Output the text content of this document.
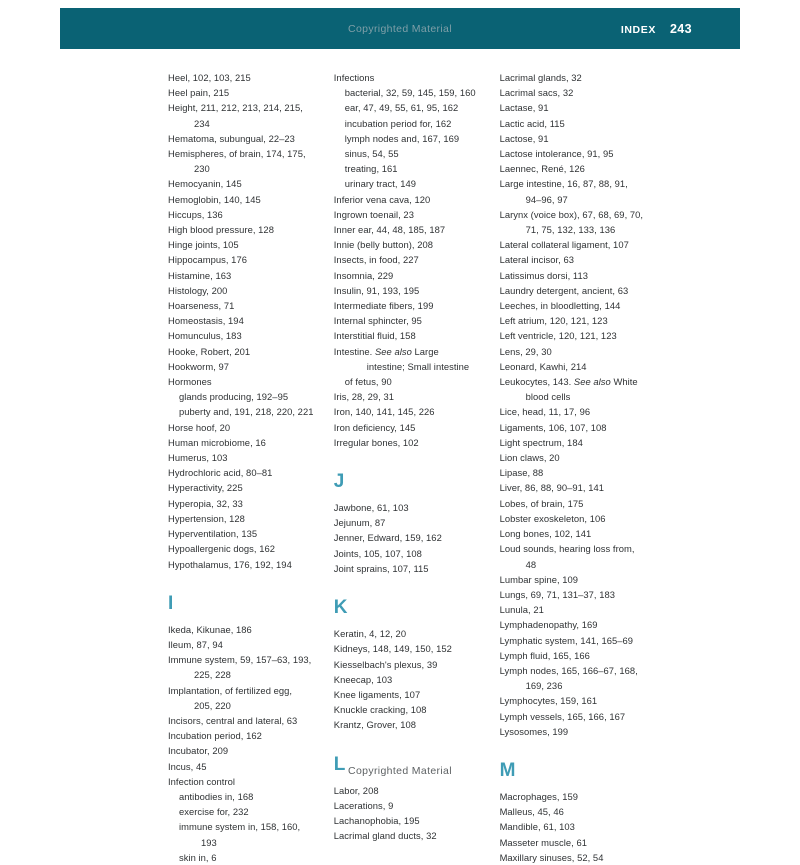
Copyrighted Material	INDEX 243
Heel, 102, 103, 215
Heel pain, 215
Height, 211, 212, 213, 214, 215,
234
Hematoma, subungual, 22–23
Hemispheres, of brain, 174, 175,
230
Hemocyanin, 145
Hemoglobin, 140, 145
Hiccups, 136
High blood pressure, 128
Hinge joints, 105
Hippocampus, 176
Histamine, 163
Histology, 200
Hoarseness, 71
Homeostasis, 194
Homunculus, 183
Hooke, Robert, 201
Hookworm, 97
Hormones
glands producing, 192–95
puberty and, 191, 218, 220, 221
Horse hoof, 20
Human microbiome, 16
Humerus, 103
Hydrochloric acid, 80–81
Hyperactivity, 225
Hyperopia, 32, 33
Hypertension, 128
Hyperventilation, 135
Hypoallergenic dogs, 162
Hypothalamus, 176, 192, 194
I
Ikeda, Kikunae, 186
Ileum, 87, 94
Immune system, 59, 157–63, 193,
225, 228
Implantation, of fertilized egg,
205, 220
Incisors, central and lateral, 63
Incubation period, 162
Incubator, 209
Incus, 45
Infection control
antibodies in, 168
exercise for, 232
immune system in, 158, 160,
193
skin in, 6
Infections
bacterial, 32, 59, 145, 159, 160
ear, 47, 49, 55, 61, 95, 162
incubation period for, 162
lymph nodes and, 167, 169
sinus, 54, 55
treating, 161
urinary tract, 149
Inferior vena cava, 120
Ingrown toenail, 23
Inner ear, 44, 48, 185, 187
Innie (belly button), 208
Insects, in food, 227
Insomnia, 229
Insulin, 91, 193, 195
Intermediate fibers, 199
Internal sphincter, 95
Interstitial fluid, 158
Intestine. See also Large
intestine; Small intestine
of fetus, 90
Iris, 28, 29, 31
Iron, 140, 141, 145, 226
Iron deficiency, 145
Irregular bones, 102
J
Jawbone, 61, 103
Jejunum, 87
Jenner, Edward, 159, 162
Joints, 105, 107, 108
Joint sprains, 107, 115
K
Keratin, 4, 12, 20
Kidneys, 148, 149, 150, 152
Kiesselbach's plexus, 39
Kneecap, 103
Knee ligaments, 107
Knuckle cracking, 108
Krantz, Grover, 108
L
Labor, 208
Lacerations, 9
Lachanophobia, 195
Lacrimal gland ducts, 32
Lacrimal glands, 32
Lacrimal sacs, 32
Lactase, 91
Lactic acid, 115
Lactose, 91
Lactose intolerance, 91, 95
Laennec, René, 126
Large intestine, 16, 87, 88, 91,
94–96, 97
Larynx (voice box), 67, 68, 69, 70,
71, 75, 132, 133, 136
Lateral collateral ligament, 107
Lateral incisor, 63
Latissimus dorsi, 113
Laundry detergent, ancient, 63
Leeches, in bloodletting, 144
Left atrium, 120, 121, 123
Left ventricle, 120, 121, 123
Lens, 29, 30
Leonard, Kawhi, 214
Leukocytes, 143. See also White
blood cells
Lice, head, 11, 17, 96
Ligaments, 106, 107, 108
Light spectrum, 184
Lion claws, 20
Lipase, 88
Liver, 86, 88, 90–91, 141
Lobes, of brain, 175
Lobster exoskeleton, 106
Long bones, 102, 141
Loud sounds, hearing loss from,
48
Lumbar spine, 109
Lungs, 69, 71, 131–37, 183
Lunula, 21
Lymphadenopathy, 169
Lymphatic system, 141, 165–69
Lymph fluid, 165, 166
Lymph nodes, 165, 166–67, 168,
169, 236
Lymphocytes, 159, 161
Lymph vessels, 165, 166, 167
Lysosomes, 199
M
Macrophages, 159
Malleus, 45, 46
Mandible, 61, 103
Masseter muscle, 61
Maxillary sinuses, 52, 54
Copyrighted Material
